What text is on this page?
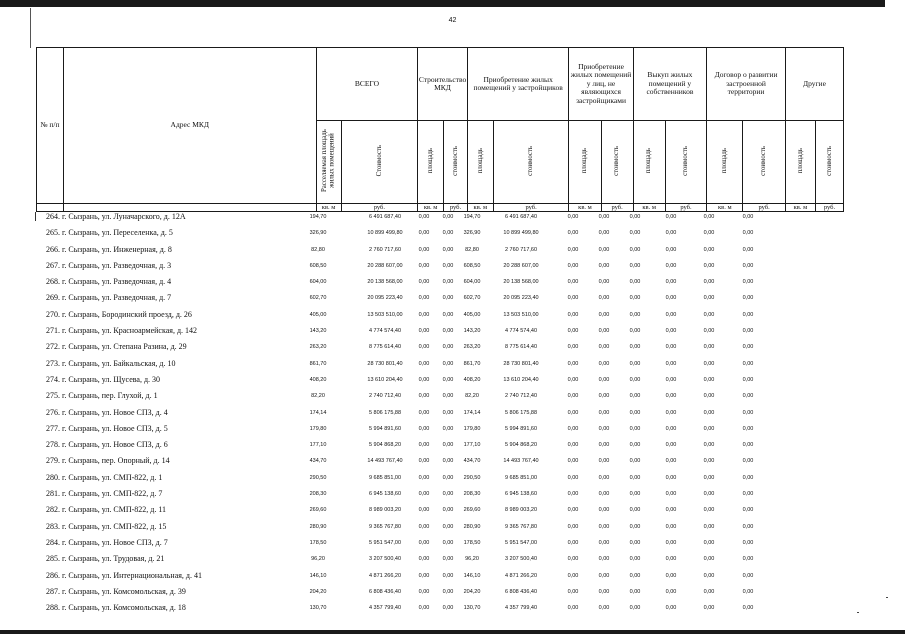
42
№ п/п	Адрес МКД	ВСЕГО		Строительство МКД		Приобретение жилых помещений у застройщиков		Приобретение жилых помещений у лиц, не являющихся застройщиками		Выкуп жилых помещений у собственников		Договор о развитии застроенной территории		Другие	
		Расселяемая площадь жилых помещений	Стоимость	площадь	стоимость	площадь	стоимость	площадь	стоимость	площадь	стоимость	площадь	стоимость	площадь	стоимость
		кв. м	руб.	кв. м	руб.	кв. м	руб.	кв. м	руб.	кв. м	руб.	кв. м	руб.	кв. м	руб.
264. г. Сызрань, ул. Луначарского, д. 12А	194,70	6 491 687,40	0,00	0,00	194,70	6 491 687,40	0,00	0,00	0,00	0,00	0,00	0,00
265. г. Сызрань, ул. Переселенка, д. 5	326,90	10 899 499,80	0,00	0,00	326,90	10 899 499,80	0,00	0,00	0,00	0,00	0,00	0,00
266. г. Сызрань, ул. Инженерная, д. 8	82,80	2 760 717,60	0,00	0,00	82,80	2 760 717,60	0,00	0,00	0,00	0,00	0,00	0,00
267. г. Сызрань, ул. Разведочная, д. 3	608,50	20 288 607,00	0,00	0,00	608,50	20 288 607,00	0,00	0,00	0,00	0,00	0,00	0,00
268. г. Сызрань, ул. Разведочная, д. 4	604,00	20 138 568,00	0,00	0,00	604,00	20 138 568,00	0,00	0,00	0,00	0,00	0,00	0,00
269. г. Сызрань, ул. Разведочная, д. 7	602,70	20 095 223,40	0,00	0,00	602,70	20 095 223,40	0,00	0,00	0,00	0,00	0,00	0,00
270. г. Сызрань, Бородинский проезд, д. 26	405,00	13 503 510,00	0,00	0,00	405,00	13 503 510,00	0,00	0,00	0,00	0,00	0,00	0,00
271. г. Сызрань, ул. Красноармейская, д. 142	143,20	4 774 574,40	0,00	0,00	143,20	4 774 574,40	0,00	0,00	0,00	0,00	0,00	0,00
272. г. Сызрань, ул. Степана Разина, д. 29	263,20	8 775 614,40	0,00	0,00	263,20	8 775 614,40	0,00	0,00	0,00	0,00	0,00	0,00
273. г. Сызрань, ул. Байкальская, д. 10	861,70	28 730 801,40	0,00	0,00	861,70	28 730 801,40	0,00	0,00	0,00	0,00	0,00	0,00
274. г. Сызрань, ул. Щусева, д. 30	408,20	13 610 204,40	0,00	0,00	408,20	13 610 204,40	0,00	0,00	0,00	0,00	0,00	0,00
275. г. Сызрань, пер. Глухой, д. 1	82,20	2 740 712,40	0,00	0,00	82,20	2 740 712,40	0,00	0,00	0,00	0,00	0,00	0,00
276. г. Сызрань, ул. Новое СПЗ, д. 4	174,14	5 806 175,88	0,00	0,00	174,14	5 806 175,88	0,00	0,00	0,00	0,00	0,00	0,00
277. г. Сызрань, ул. Новое СПЗ, д. 5	179,80	5 994 891,60	0,00	0,00	179,80	5 994 891,60	0,00	0,00	0,00	0,00	0,00	0,00
278. г. Сызрань, ул. Новое СПЗ, д. 6	177,10	5 904 868,20	0,00	0,00	177,10	5 904 868,20	0,00	0,00	0,00	0,00	0,00	0,00
279. г. Сызрань, пер. Опорный, д. 14	434,70	14 493 767,40	0,00	0,00	434,70	14 493 767,40	0,00	0,00	0,00	0,00	0,00	0,00
280. г. Сызрань, ул. СМП-822, д. 1	290,50	9 685 851,00	0,00	0,00	290,50	9 685 851,00	0,00	0,00	0,00	0,00	0,00	0,00
281. г. Сызрань, ул. СМП-822, д. 7	208,30	6 945 138,60	0,00	0,00	208,30	6 945 138,60	0,00	0,00	0,00	0,00	0,00	0,00
282. г. Сызрань, ул. СМП-822, д. 11	269,60	8 989 003,20	0,00	0,00	269,60	8 989 003,20	0,00	0,00	0,00	0,00	0,00	0,00
283. г. Сызрань, ул. СМП-822, д. 15	280,90	9 365 767,80	0,00	0,00	280,90	9 365 767,80	0,00	0,00	0,00	0,00	0,00	0,00
284. г. Сызрань, ул. Новое СПЗ, д. 7	178,50	5 951 547,00	0,00	0,00	178,50	5 951 547,00	0,00	0,00	0,00	0,00	0,00	0,00
285. г. Сызрань, ул. Трудовая, д. 21	96,20	3 207 500,40	0,00	0,00	96,20	3 207 500,40	0,00	0,00	0,00	0,00	0,00	0,00
286. г. Сызрань, ул. Интернациональная, д. 41	146,10	4 871 266,20	0,00	0,00	146,10	4 871 266,20	0,00	0,00	0,00	0,00	0,00	0,00
287. г. Сызрань, ул. Комсомольская, д. 39	204,20	6 808 436,40	0,00	0,00	204,20	6 808 436,40	0,00	0,00	0,00	0,00	0,00	0,00
288. г. Сызрань, ул. Комсомольская, д. 18	130,70	4 357 799,40	0,00	0,00	130,70	4 357 799,40	0,00	0,00	0,00	0,00	0,00	0,00
